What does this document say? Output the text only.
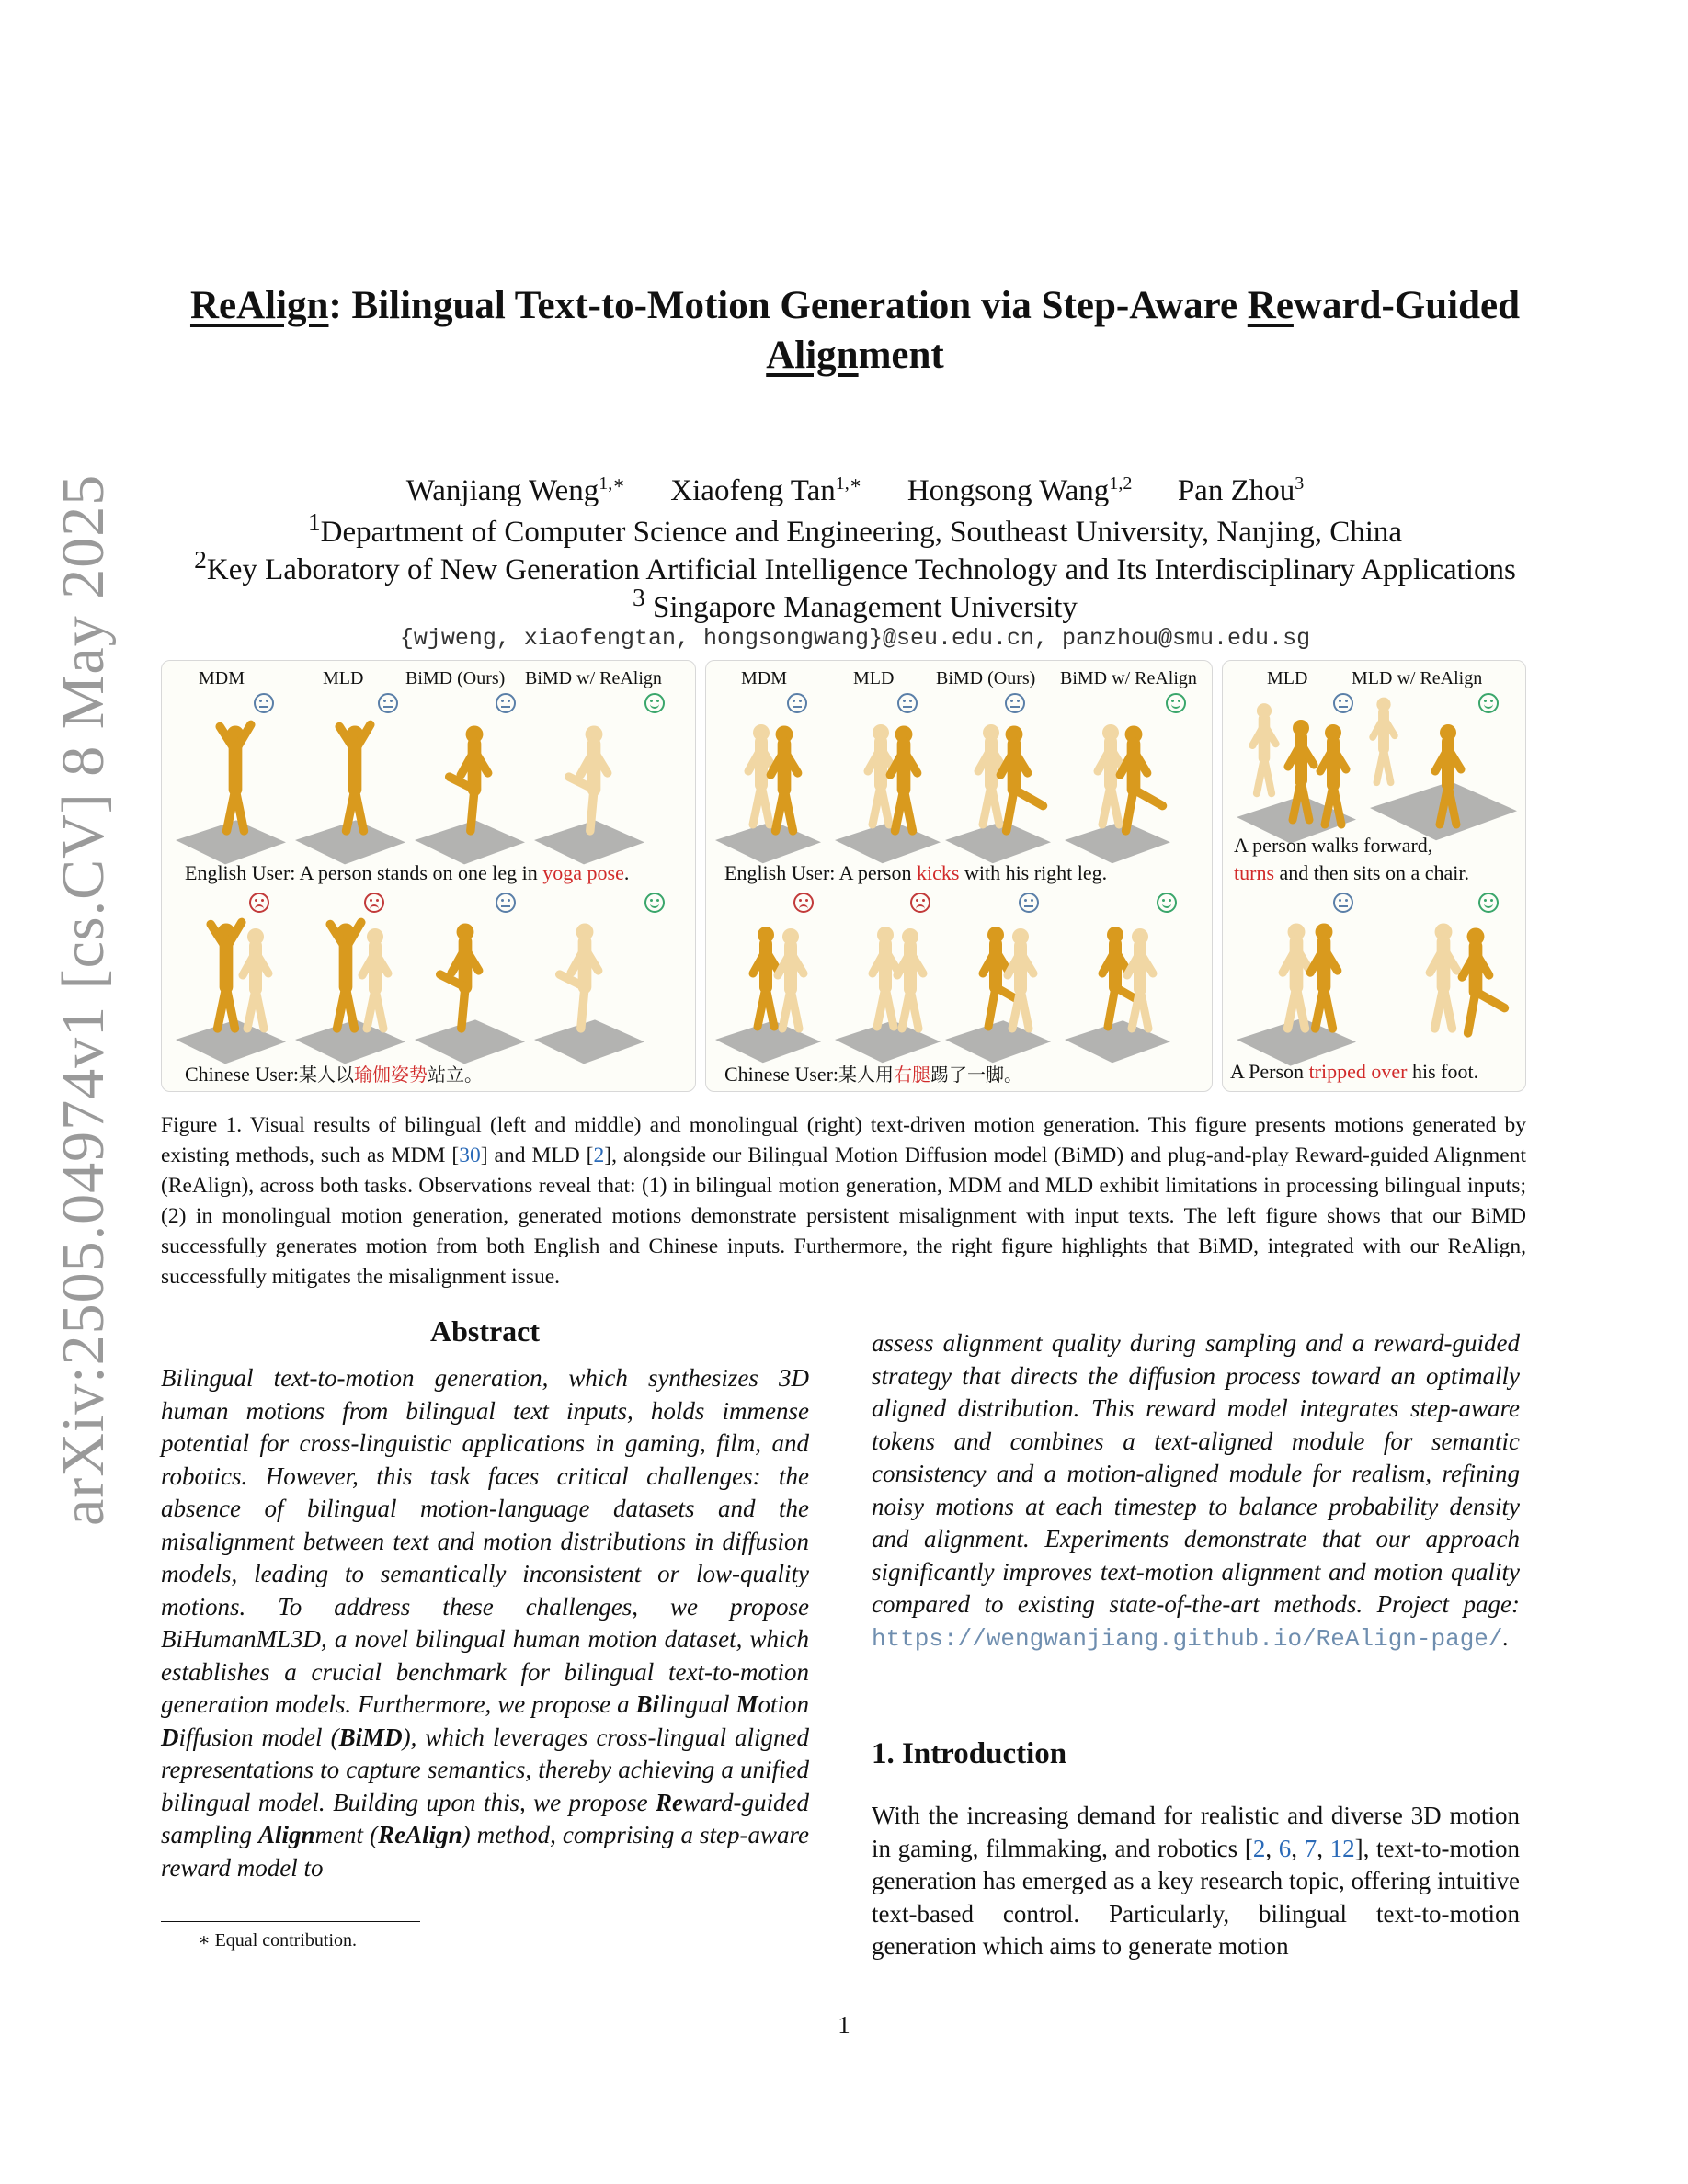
arXiv:2505.04974v1 [cs.CV] 8 May 2025
ReAlign: Bilingual Text-to-Motion Generation via Step-Aware Reward-Guided
Alignment
Wanjiang Weng$^{1,∗}$ Xiaofeng Tan$^{1,∗}$ Hongsong Wang$^{1,2}$ Pan Zhou$^3$
$^1$Department of Computer Science and Engineering, Southeast University, Nanjing, China
$^2$Key Laboratory of New Generation Artificial Intelligence Technology and Its Interdisciplinary Applications
$^3$ Singapore Management University
{wjweng, xiaofengtan, hongsongwang}@seu.edu.cn, panzhou@smu.edu.sg
MDM	MLD BiMD (Ours) BiMD w/ ReAlign
English User: A person stands on one leg in yoga pose.
Chinese User:某人以瑜伽姿势站立。
MDM	MLD BiMD (Ours) BiMD w/ ReAlign
English User: A person kicks with his right leg.
Chinese User:某人用右腿踢了一脚。
MLD MLD w/ ReAlign
A person walks forward,
turns and then sits on a chair.
A Person tripped over his foot.
Figure 1. Visual results of bilingual (left and middle) and monolingual (right) text-driven motion generation. This figure presents motions generated by existing methods, such as MDM [30] and MLD [2], alongside our Bilingual Motion Diffusion model (BiMD) and plug-and-play Reward-guided Alignment (ReAlign), across both tasks. Observations reveal that: (1) in bilingual motion generation, MDM and MLD exhibit limitations in processing bilingual inputs; (2) in monolingual motion generation, generated motions demonstrate persistent misalignment with input texts. The left figure shows that our BiMD successfully generates motion from both English and Chinese inputs. Furthermore, the right figure highlights that BiMD, integrated with our ReAlign, successfully mitigates the misalignment issue.
Abstract
Bilingual text-to-motion generation, which synthesizes 3D human motions from bilingual text inputs, holds immense potential for cross-linguistic applications in gaming, film, and robotics. However, this task faces critical challenges: the absence of bilingual motion-language datasets and the misalignment between text and motion distributions in diffusion models, leading to semantically inconsistent or low-quality motions. To address these challenges, we propose BiHumanML3D, a novel bilingual human motion dataset, which establishes a crucial benchmark for bilingual text-to-motion generation models. Furthermore, we propose a Bilingual Motion Diffusion model (BiMD), which leverages cross-lingual aligned representations to capture semantics, thereby achieving a unified bilingual model. Building upon this, we propose Reward-guided sampling Alignment (ReAlign) method, comprising a step-aware reward model to
assess alignment quality during sampling and a reward-guided strategy that directs the diffusion process toward an optimally aligned distribution. This reward model integrates step-aware tokens and combines a text-aligned module for semantic consistency and a motion-aligned module for realism, refining noisy motions at each timestep to balance probability density and alignment. Experiments demonstrate that our approach significantly improves text-motion alignment and motion quality compared to existing state-of-the-art methods. Project page: https://wengwanjiang.github.io/ReAlign-page/.
1. Introduction
With the increasing demand for realistic and diverse 3D motion in gaming, filmmaking, and robotics [2, 6, 7, 12], text-to-motion generation has emerged as a key research topic, offering intuitive text-based control. Particularly, bilingual text-to-motion generation which aims to generate motion
∗ Equal contribution.
1
